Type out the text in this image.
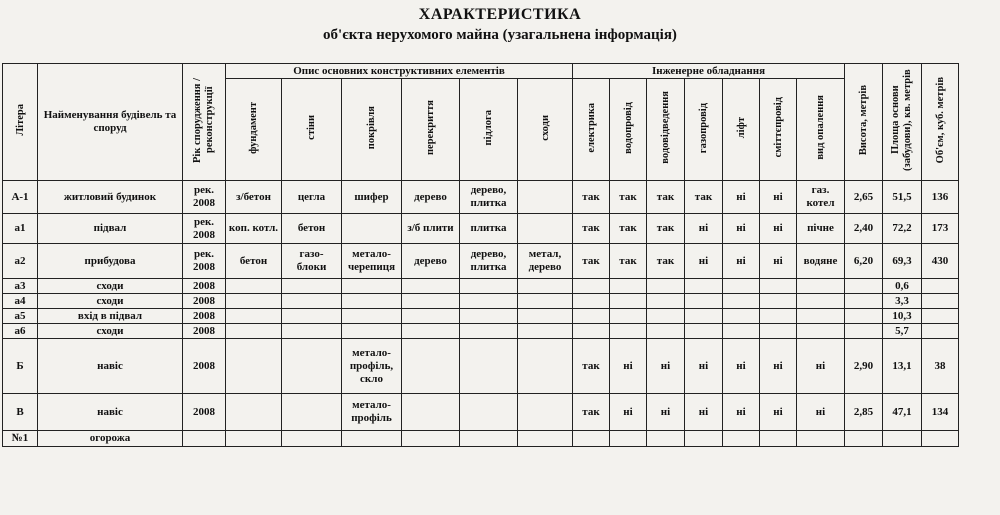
ХАРАКТЕРИСТИКА
об'єкта нерухомого майна (узагальнена інформація)
Літера	Найменування будівель та споруд	Рік спорудження / реконструкції	Опис основних конструктивних елементів						Інженерне обладнання							Висота, метрів	Площа основи (забудови), кв. метрів	Об'єм, куб. метрів
			фундамент	стіни	покрівля	перекриття	підлога	сходи	електрика	водопровід	водовідведення	газопровід	ліфт	сміттєпровід	вид опалення			
А-1	житловий будинок	рек. 2008	з/бетон	цегла	шифер	дерево	дерево, плитка		так	так	так	так	ні	ні	газ. котел	2,65	51,5	136
а1	підвал	рек. 2008	коп. котл.	бетон		з/б плити	плитка		так	так	так	ні	ні	ні	пічне	2,40	72,2	173
а2	прибудова	рек. 2008	бетон	газо- блоки	метало- черепиця	дерево	дерево, плитка	метал, дерево	так	так	так	ні	ні	ні	водяне	6,20	69,3	430
а3	сходи	2008															0,6	
а4	сходи	2008															3,3	
а5	вхід в підвал	2008															10,3	
а6	сходи	2008															5,7	
Б	навіс	2008			метало- профіль, скло				так	ні	ні	ні	ні	ні	ні	2,90	13,1	38
В	навіс	2008			метало- профіль				так	ні	ні	ні	ні	ні	ні	2,85	47,1	134
№1	огорожа																	
